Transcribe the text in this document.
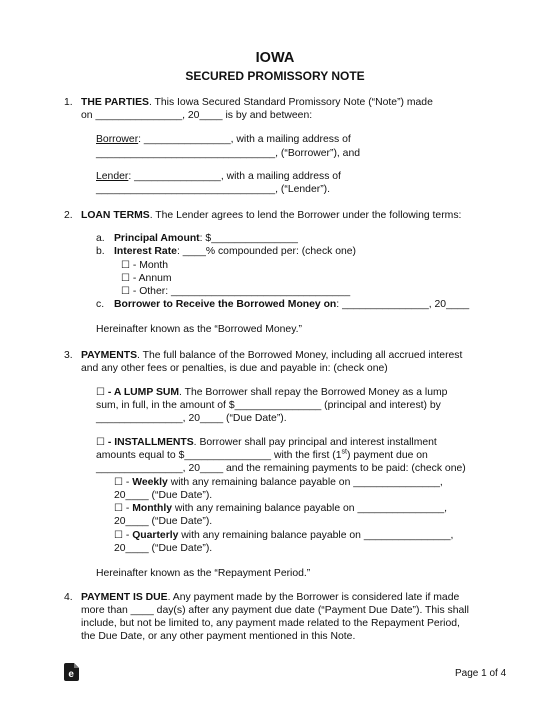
IOWA
SECURED PROMISSORY NOTE
1. THE PARTIES. This Iowa Secured Standard Promissory Note (“Note”) made
on _______________, 20____ is by and between:
Borrower: _______________, with a mailing address of
_______________________________, (“Borrower”), and
Lender: _______________, with a mailing address of
_______________________________, (“Lender”).
2. LOAN TERMS. The Lender agrees to lend the Borrower under the following terms:
a. Principal Amount: $_______________
b. Interest Rate: ____% compounded per: (check one)
☐ - Month
☐ - Annum
☐ - Other: _______________________________
c. Borrower to Receive the Borrowed Money on: _______________, 20____
Hereinafter known as the “Borrowed Money.”
3. PAYMENTS. The full balance of the Borrowed Money, including all accrued interest
and any other fees or penalties, is due and payable in: (check one)
☐ - A LUMP SUM. The Borrower shall repay the Borrowed Money as a lump
sum, in full, in the amount of $_______________ (principal and interest) by
_______________, 20____ (“Due Date”).
☐ - INSTALLMENTS. Borrower shall pay principal and interest installment
amounts equal to $_______________ with the first (1st) payment due on
_______________, 20____ and the remaining payments to be paid: (check one)
☐ - Weekly with any remaining balance payable on _______________,
20____ (“Due Date”).
☐ - Monthly with any remaining balance payable on _______________,
20____ (“Due Date”).
☐ - Quarterly with any remaining balance payable on _______________,
20____ (“Due Date”).
Hereinafter known as the “Repayment Period.”
4. PAYMENT IS DUE. Any payment made by the Borrower is considered late if made
more than ____ day(s) after any payment due date (“Payment Due Date”). This shall
include, but not be limited to, any payment made related to the Repayment Period,
the Due Date, or any other payment mentioned in this Note.
e	Page 1 of 4
